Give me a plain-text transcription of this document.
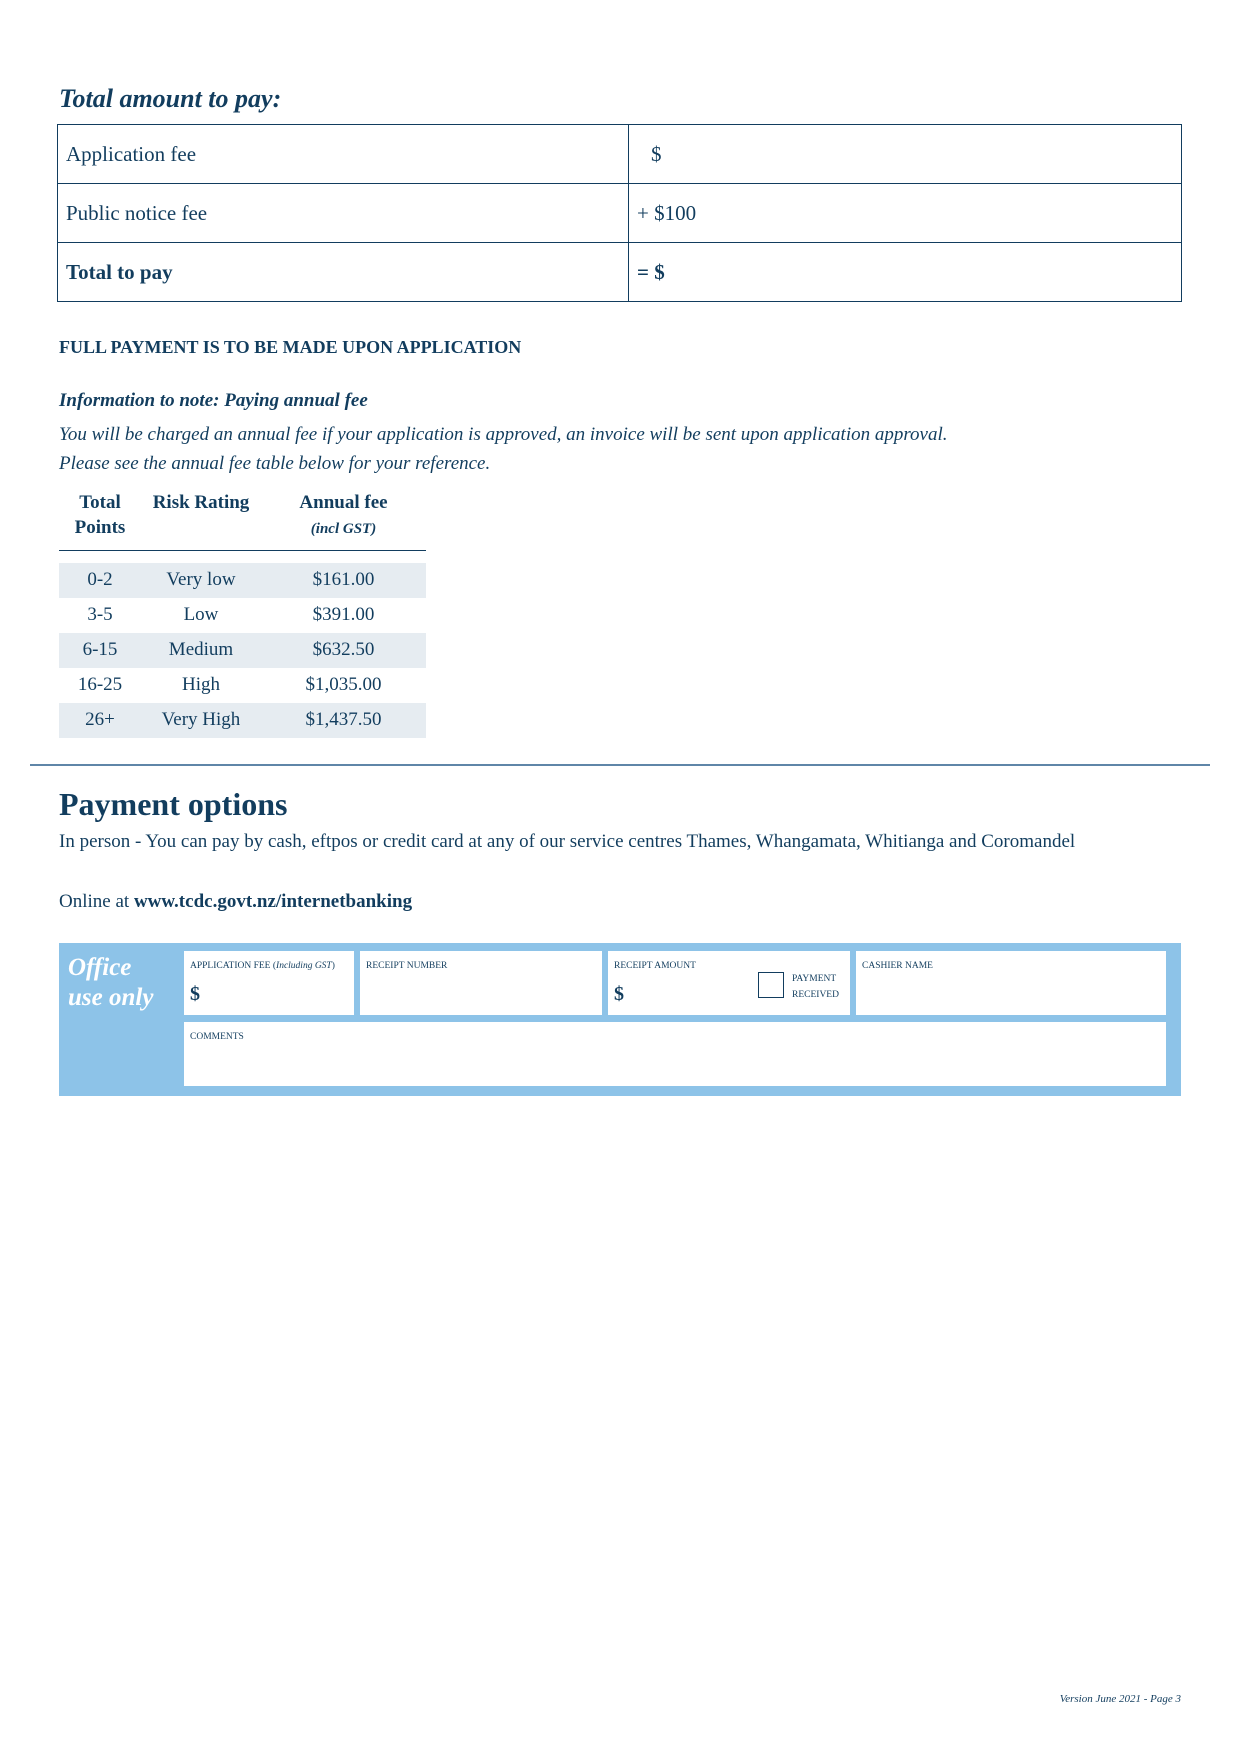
Total amount to pay:
Application fee	$
Public notice fee	+ $100
Total to pay	= $
FULL PAYMENT IS TO BE MADE UPON APPLICATION
Information to note: Paying annual fee
You will be charged an annual fee if your application is approved, an invoice will be sent upon application approval.
Please see the annual fee table below for your reference.
Total Points	Risk Rating	Annual fee
(incl GST)

0-2	Very low	$161.00
3-5	Low	$391.00
6-15	Medium	$632.50
16-25	High	$1,035.00
26+	Very High	$1,437.50
Payment options
In person - You can pay by cash, eftpos or credit card at any of our service centres Thames, Whangamata, Whitianga and Coromandel
Online at www.tcdc.govt.nz/internetbanking
Office
use only
APPLICATION FEE (Including GST)
$
RECEIPT NUMBER	RECEIPT AMOUNT
$
PAYMENT
RECEIVED
CASHIER NAME
COMMENTS
Version June 2021 - Page 3
